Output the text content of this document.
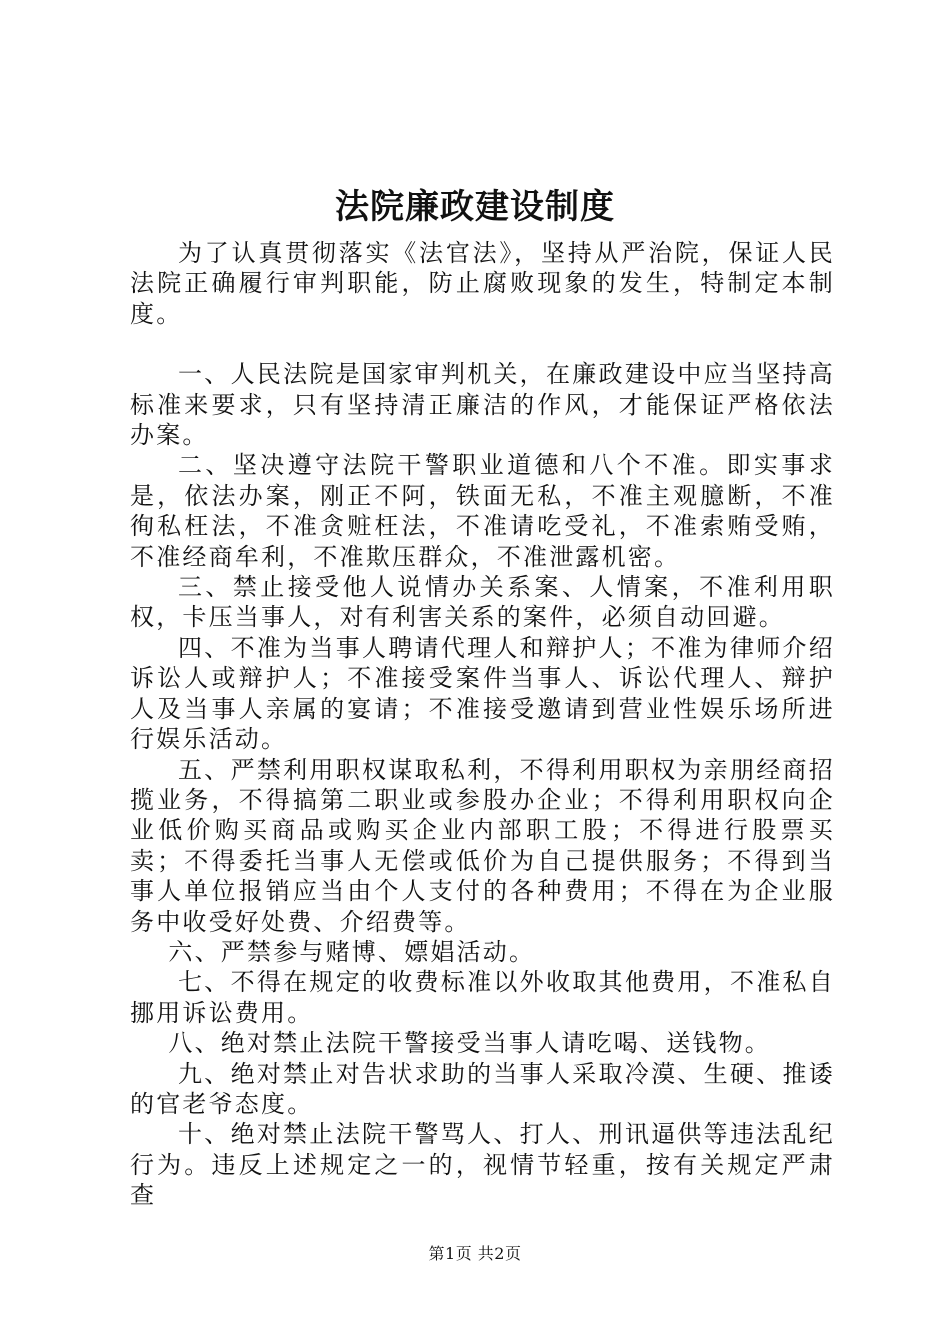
法院廉政建设制度

为了认真贯彻落实《法官法》，坚持从严治院，保证人民法院正确履行审判职能，防止腐败现象的发生，特制定本制度。

一、人民法院是国家审判机关，在廉政建设中应当坚持高标准来要求，只有坚持清正廉洁的作风，才能保证严格依法办案。

二、坚决遵守法院干警职业道德和八个不准。即实事求是，依法办案，刚正不阿，铁面无私，不准主观臆断，不准徇私枉法，不准贪赃枉法，不准请吃受礼，不准索贿受贿，不准经商牟利，不准欺压群众，不准泄露机密。

三、禁止接受他人说情办关系案、人情案，不准利用职权，卡压当事人，对有利害关系的案件，必须自动回避。

四、不准为当事人聘请代理人和辩护人；不准为律师介绍诉讼人或辩护人；不准接受案件当事人、诉讼代理人、辩护人及当事人亲属的宴请；不准接受邀请到营业性娱乐场所进行娱乐活动。

五、严禁利用职权谋取私利，不得利用职权为亲朋经商招揽业务，不得搞第二职业或参股办企业；不得利用职权向企业低价购买商品或购买企业内部职工股；不得进行股票买卖；不得委托当事人无偿或低价为自己提供服务；不得到当事人单位报销应当由个人支付的各种费用；不得在为企业服务中收受好处费、介绍费等。

六、严禁参与赌博、嫖娼活动。

七、不得在规定的收费标准以外收取其他费用，不准私自挪用诉讼费用。

八、绝对禁止法院干警接受当事人请吃喝、送钱物。

九、绝对禁止对告状求助的当事人采取冷漠、生硬、推诿的官老爷态度。

十、绝对禁止法院干警骂人、打人、刑讯逼供等违法乱纪行为。违反上述规定之一的，视情节轻重，按有关规定严肃查

第1页 共2页
